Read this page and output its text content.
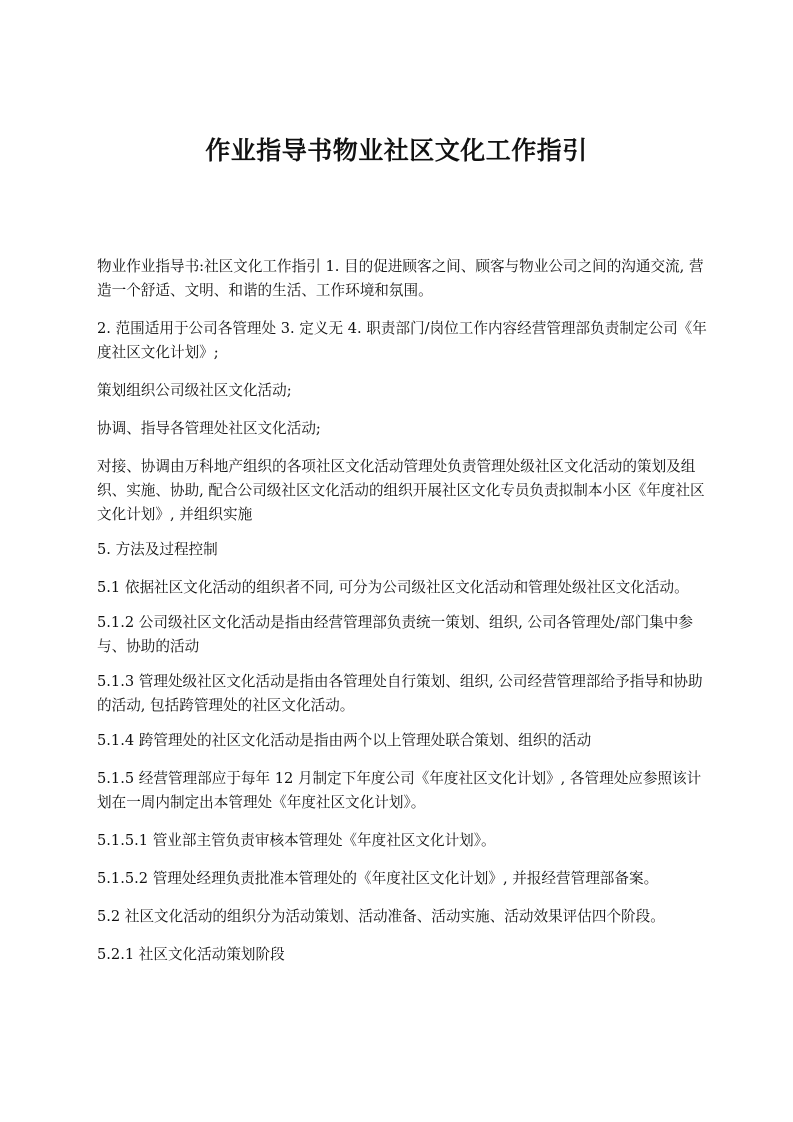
作业指导书物业社区文化工作指引

物业作业指导书:社区文化工作指引 1. 目的促进顾客之间、顾客与物业公司之间的沟通交流, 营造一个舒适、文明、和谐的生活、工作环境和氛围。

2. 范围适用于公司各管理处 3. 定义无 4. 职责部门/岗位工作内容经营管理部负责制定公司《年度社区文化计划》;

策划组织公司级社区文化活动;

协调、指导各管理处社区文化活动;

对接、协调由万科地产组织的各项社区文化活动管理处负责管理处级社区文化活动的策划及组织、实施、协助, 配合公司级社区文化活动的组织开展社区文化专员负责拟制本小区《年度社区文化计划》, 并组织实施

5. 方法及过程控制

5.1 依据社区文化活动的组织者不同, 可分为公司级社区文化活动和管理处级社区文化活动。

5.1.2 公司级社区文化活动是指由经营管理部负责统一策划、组织, 公司各管理处/部门集中参与、协助的活动

5.1.3 管理处级社区文化活动是指由各管理处自行策划、组织, 公司经营管理部给予指导和协助的活动, 包括跨管理处的社区文化活动。

5.1.4 跨管理处的社区文化活动是指由两个以上管理处联合策划、组织的活动

5.1.5 经营管理部应于每年 12 月制定下年度公司《年度社区文化计划》, 各管理处应参照该计划在一周内制定出本管理处《年度社区文化计划》。

5.1.5.1 管业部主管负责审核本管理处《年度社区文化计划》。

5.1.5.2 管理处经理负责批准本管理处的《年度社区文化计划》, 并报经营管理部备案。

5.2 社区文化活动的组织分为活动策划、活动准备、活动实施、活动效果评估四个阶段。

5.2.1 社区文化活动策划阶段
